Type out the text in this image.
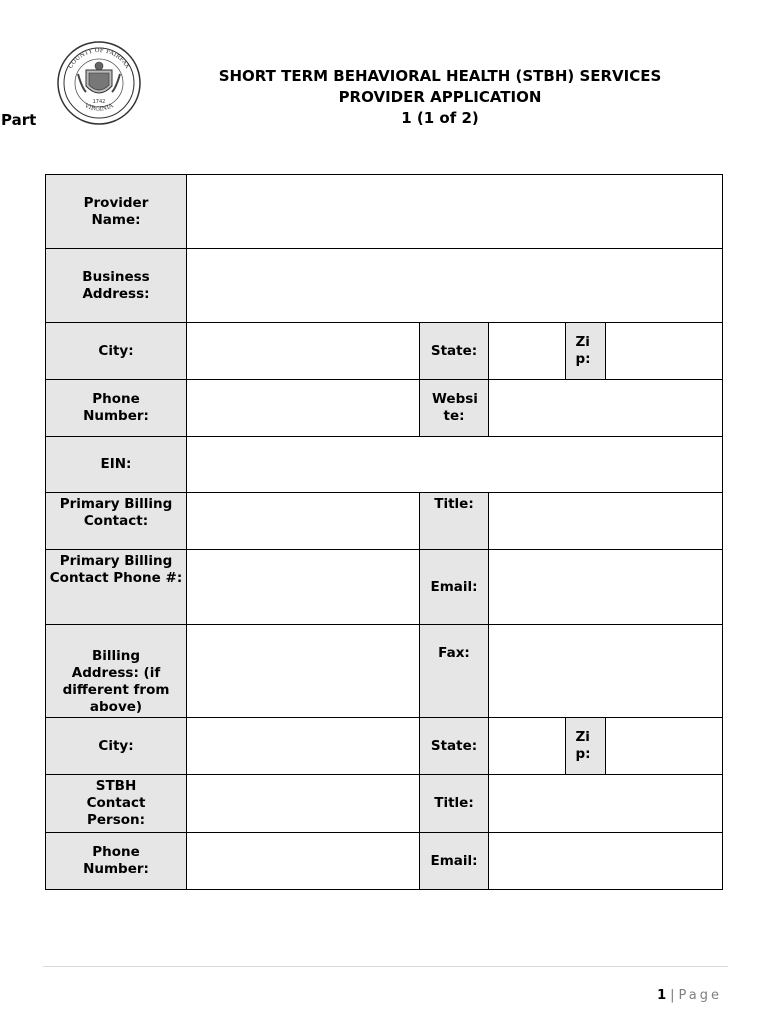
1742
COUNTY OF FAIRFAX
VIRGINIA
Part
SHORT TERM BEHAVIORAL HEALTH (STBH) SERVICES
PROVIDER APPLICATION
1 (1 of 2)
Provider Name:					
Business Address:					
City:		State:		Zi p:	
Phone Number:		Websi te:			
EIN:					
Primary Billing Contact:		Title:			
Primary Billing Contact Phone #:		Email:			
Billing Address: (if different from above)		Fax:			
City:		State:		Zi p:	
STBH Contact Person:		Title:			
Phone Number:		Email:			
1 | Page
